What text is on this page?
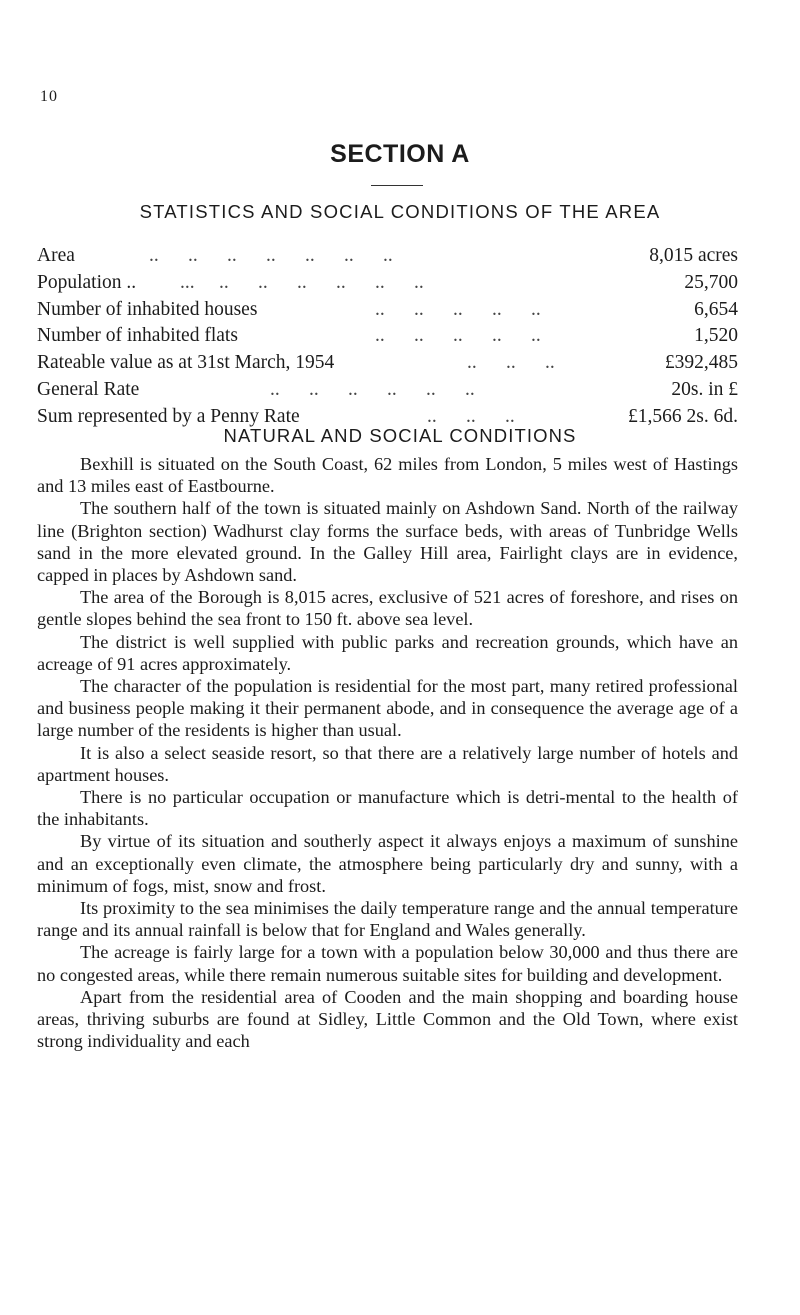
10
SECTION A
STATISTICS AND SOCIAL CONDITIONS OF THE AREA
Area	..      ..      ..      ..      ..      ..      ..	8,015 acres
Population .. ...     ..      ..      ..      ..      ..      ..	25,700
Number of inhabited houses	..      ..      ..      ..      ..	6,654
Number of inhabited flats	..      ..      ..      ..      ..	1,520
Rateable value as at 31st March, 1954	..      ..      ..	£392,485
General Rate	..      ..      ..      ..      ..      ..	20s. in £
Sum represented by a Penny Rate	..      ..      ..	£1,566 2s. 6d.
NATURAL AND SOCIAL CONDITIONS

Bexhill is situated on the South Coast, 62 miles from London, 5 miles west of Hastings and 13 miles east of Eastbourne.

The southern half of the town is situated mainly on Ashdown Sand. North of the railway line (Brighton section) Wadhurst clay forms the surface beds, with areas of Tunbridge Wells sand in the more elevated ground. In the Galley Hill area, Fairlight clays are in evidence, capped in places by Ashdown sand.

The area of the Borough is 8,015 acres, exclusive of 521 acres of foreshore, and rises on gentle slopes behind the sea front to 150 ft. above sea level.

The district is well supplied with public parks and recreation grounds, which have an acreage of 91 acres approximately.

The character of the population is residential for the most part, many retired professional and business people making it their permanent abode, and in consequence the average age of a large number of the residents is higher than usual.

It is also a select seaside resort, so that there are a relatively large number of hotels and apartment houses.

There is no particular occupation or manufacture which is detri-mental to the health of the inhabitants.

By virtue of its situation and southerly aspect it always enjoys a maximum of sunshine and an exceptionally even climate, the atmosphere being particularly dry and sunny, with a minimum of fogs, mist, snow and frost.

Its proximity to the sea minimises the daily temperature range and the annual temperature range and its annual rainfall is below that for England and Wales generally.

The acreage is fairly large for a town with a population below 30,000 and thus there are no congested areas, while there remain numerous suitable sites for building and development.

Apart from the residential area of Cooden and the main shopping and boarding house areas, thriving suburbs are found at Sidley, Little Common and the Old Town, where exist strong individuality and each
